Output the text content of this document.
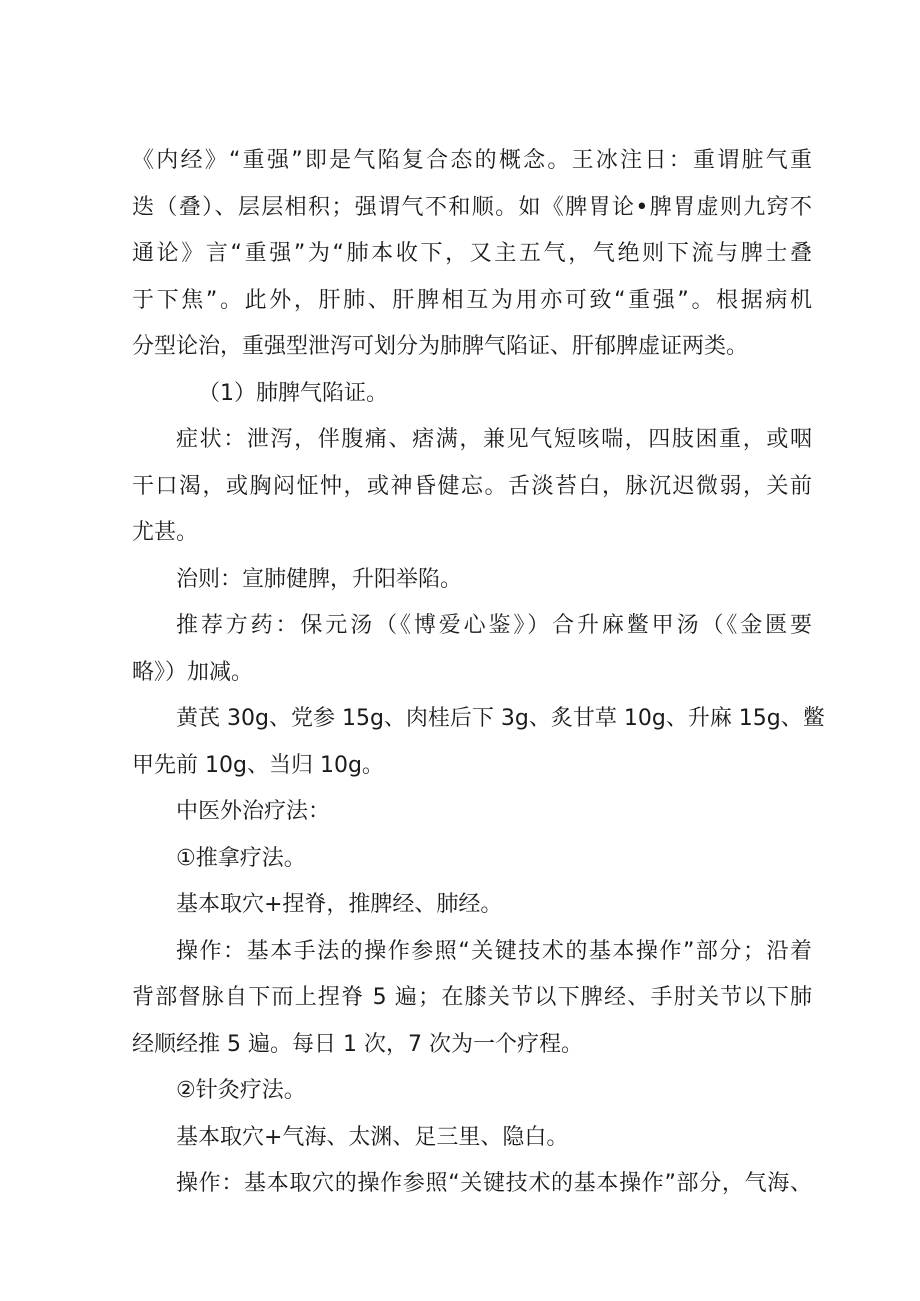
《内经》“重强”即是气陷复合态的概念。王冰注日：重谓脏气重
迭（叠）、层层相积；强谓气不和顺。如《脾胃论•脾胃虚则九窍不
通论》言“重强”为“肺本收下，又主五气，气绝则下流与脾士叠
于下焦”。此外，肝肺、肝脾相互为用亦可致“重强”。根据病机
分型论治，重强型泄泻可划分为肺脾气陷证、肝郁脾虚证两类。
（1）肺脾气陷证。
症状：泄泻，伴腹痛、痞满，兼见气短咳喘，四肢困重，或咽
干口渴，或胸闷怔忡，或神昏健忘。舌淡苔白，脉沉迟微弱，关前
尤甚。
治则：宣肺健脾，升阳举陷。
推荐方药：保元汤（《博爱心鉴》）合升麻鳖甲汤（《金匮要
略》）加减。
黄芪 30g、党参 15g、肉桂后下 3g、炙甘草 10g、升麻 15g、鳖
甲先前 10g、当归 10g。
中医外治疗法：
①推拿疗法。
基本取穴+捏脊，推脾经、肺经。
操作：基本手法的操作参照“关键技术的基本操作”部分；沿着
背部督脉自下而上捏脊 5 遍；在膝关节以下脾经、手肘关节以下肺
经顺经推 5 遍。每日 1 次，7 次为一个疗程。
②针灸疗法。
基本取穴+气海、太渊、足三里、隐白。
操作：基本取穴的操作参照“关键技术的基本操作”部分，气海、
